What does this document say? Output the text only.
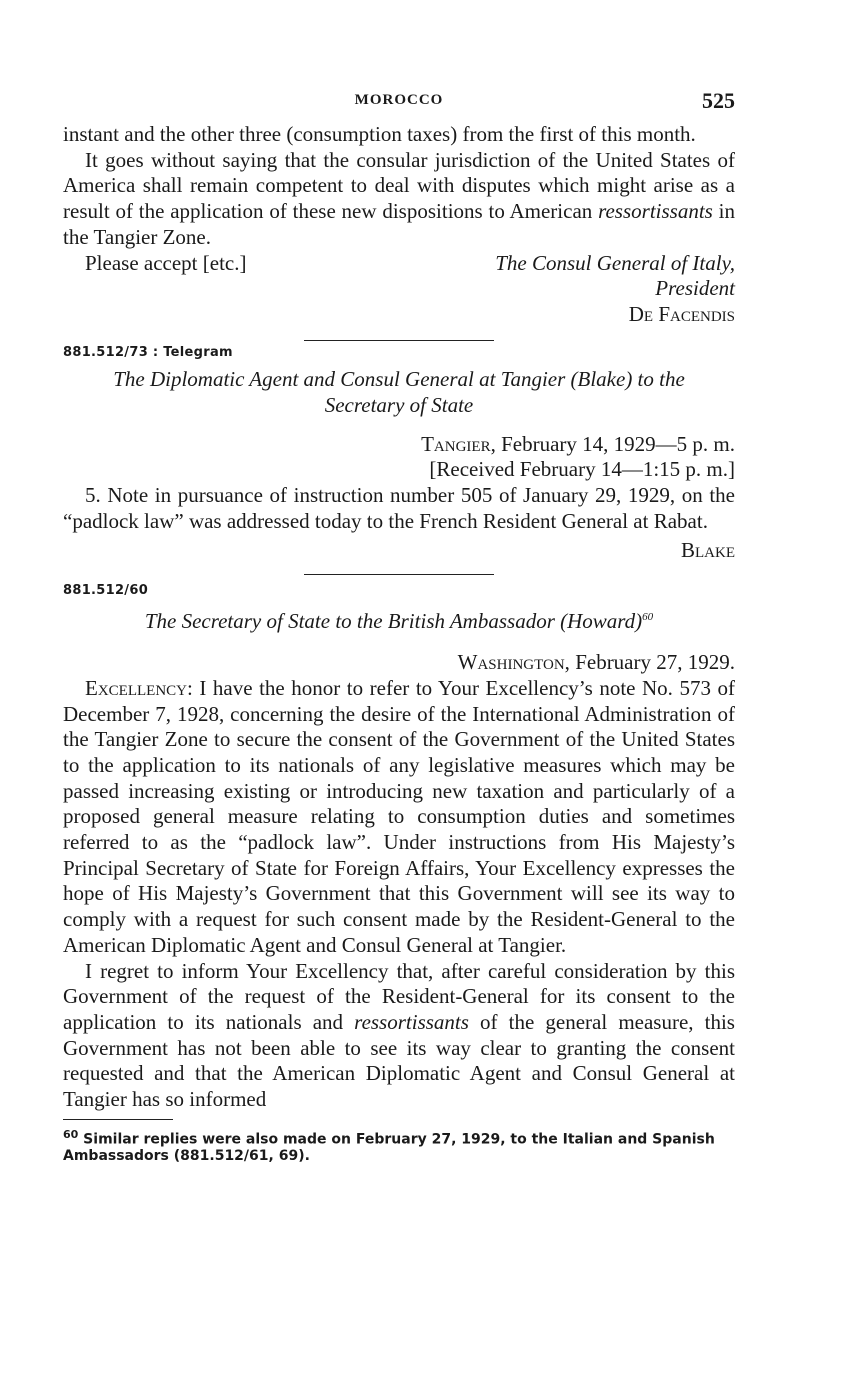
MOROCCO	525

instant and the other three (consumption taxes) from the first of this month.

It goes without saying that the consular jurisdiction of the United States of America shall remain competent to deal with disputes which might arise as a result of the application of these new dispositions to American ressortissants in the Tangier Zone.

Please accept [etc.]	The Consul General of Italy,
President
De Facendis
881.512/73 : Telegram
The Diplomatic Agent and Consul General at Tangier (Blake) to the Secretary of State
Tangier, February 14, 1929—5 p. m.
[Received February 14—1:15 p. m.]

5. Note in pursuance of instruction number 505 of January 29, 1929, on the “padlock law” was addressed today to the French Resident General at Rabat.

Blake
881.512/60
The Secretary of State to the British Ambassador (Howard)$^{60}$
Washington, February 27, 1929.

Excellency: I have the honor to refer to Your Excellency’s note No. 573 of December 7, 1928, concerning the desire of the International Administration of the Tangier Zone to secure the consent of the Government of the United States to the application to its nationals of any legislative measures which may be passed increasing existing or introducing new taxation and particularly of a proposed general measure relating to consumption duties and sometimes referred to as the “padlock law”. Under instructions from His Majesty’s Principal Secretary of State for Foreign Affairs, Your Excellency expresses the hope of His Majesty’s Government that this Government will see its way to comply with a request for such consent made by the Resident-General to the American Diplomatic Agent and Consul General at Tangier.

I regret to inform Your Excellency that, after careful consideration by this Government of the request of the Resident-General for its consent to the application to its nationals and ressortissants of the general measure, this Government has not been able to see its way clear to granting the consent requested and that the American Diplomatic Agent and Consul General at Tangier has so informed

$^{60}$ Similar replies were also made on February 27, 1929, to the Italian and Spanish Ambassadors (881.512/61, 69).
